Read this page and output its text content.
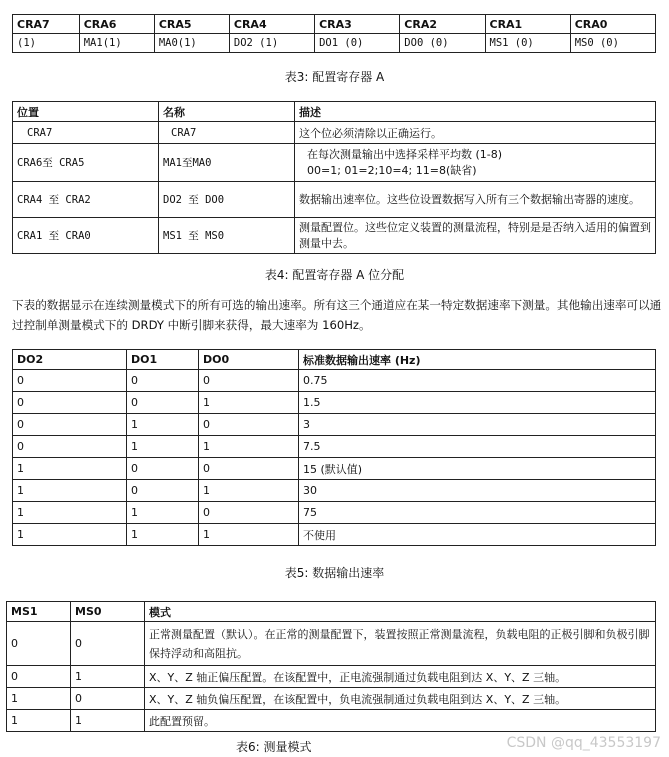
CRA7	CRA6	CRA5	CRA4	CRA3	CRA2	CRA1	CRA0
(1)	MA1(1)	MA0(1)	DO2 (1)	DO1 (0)	DO0 (0)	MS1 (0)	MS0 (0)
表3: 配置寄存器 A
位置	名称	描述
CRA7	CRA7	这个位必须清除以正确运行。
CRA6至 CRA5	MA1至MA0	在每次测量输出中选择采样平均数 (1-8)
00=1; 01=2;10=4; 11=8(缺省)
CRA4 至 CRA2	DO2 至 DO0	数据输出速率位。这些位设置数据写入所有三个数据输出寄器的速度。
CRA1 至 CRA0	MS1 至 MS0	测量配置位。这些位定义装置的测量流程，特别是是否纳入适用的偏置到测量中去。
表4: 配置寄存器 A 位分配
下表的数据显示在连续测量模式下的所有可选的输出速率。所有这三个通道应在某一特定数据速率下测量。其他输出速率可以通过控制单测量模式下的 DRDY 中断引脚来获得，最大速率为 160Hz。
DO2	DO1	DO0	标准数据输出速率 (Hz)
0	0	0	0.75
0	0	1	1.5
0	1	0	3
0	1	1	7.5
1	0	0	15 (默认值)
1	0	1	30
1	1	0	75
1	1	1	不使用
表5: 数据输出速率
MS1	MS0	模式
0	0	正常测量配置（默认）。在正常的测量配置下，装置按照正常测量流程，负载电阻的正极引脚和负极引脚保持浮动和高阻抗。
0	1	X、Y、Z 轴正偏压配置。在该配置中，正电流强制通过负载电阻到达 X、Y、Z 三轴。
1	0	X、Y、Z 轴负偏压配置，在该配置中，负电流强制通过负载电阻到达 X、Y、Z 三轴。
1	1	此配置预留。
表6: 测量模式	CSDN @qq_43553197
